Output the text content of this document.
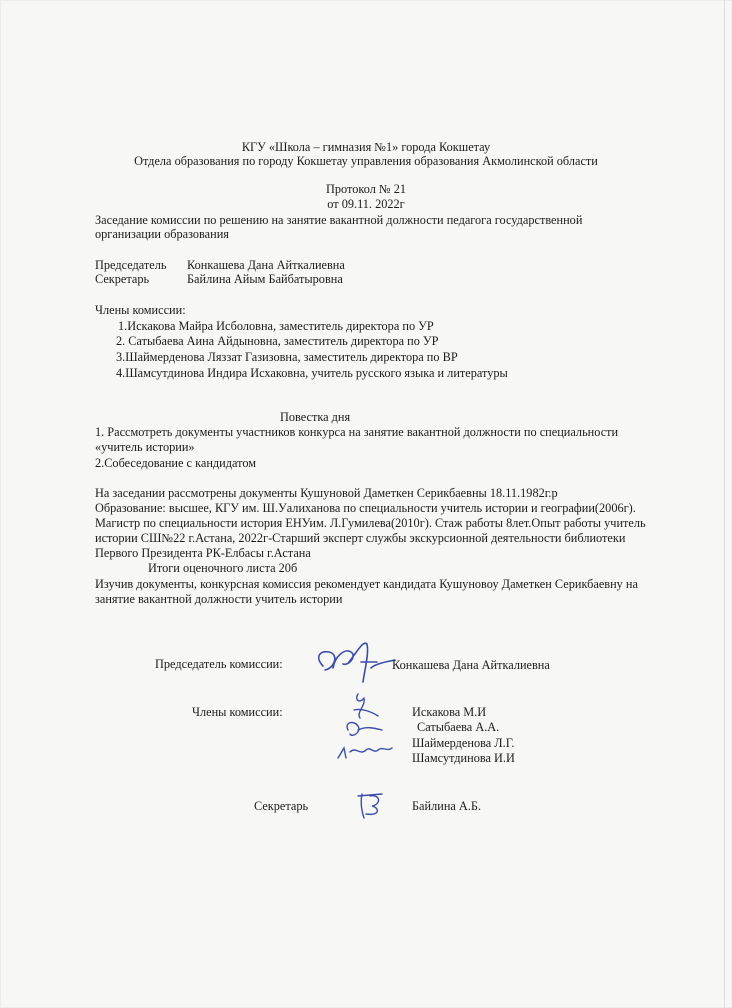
КГУ «Школа – гимназия №1» города Кокшетау
Отдела образования по городу Кокшетау управления образования Акмолинской области
Протокол № 21
от 09.11. 2022г
Заседание комиссии по решению на занятие вакантной должности педагога государственной
организации образования
Председатель Конкашева Дана Айткалиевна
Секретарь	Байлина Айым Байбатыровна
Члены комиссии:
1.Искакова Майра Исболовна, заместитель директора по УР
2. Сатыбаева Аина Айдыновна, заместитель директора по УР
3.Шаймерденова Ляззат Газизовна, заместитель директора по ВР
4.Шамсутдинова Индира Исхаковна, учитель русского языка и литературы
Повестка дня
1. Рассмотреть документы участников конкурса на занятие вакантной должности по специальности
«учитель истории»
2.Собеседование с кандидатом
На заседании рассмотрены документы Кушуновой Даметкен Серикбаевны 18.11.1982г.р
Образование: высшее, КГУ им. Ш.Уалиханова по специальности учитель истории и географии(2006г).
Магистр по специальности история ЕНУим. Л.Гумилева(2010г). Стаж работы 8лет.Опыт работы учитель
истории СШ№22 г.Астана, 2022г-Старший эксперт службы экскурсионной деятельности библиотеки
Первого Президента РК-Елбасы г.Астана
Итоги оценочного листа 20б
Изучив документы, конкурсная комиссия рекомендует кандидата Кушуновоу Даметкен Серикбаевну на
занятие вакантной должности учитель истории
Председатель комиссии:	Конкашева Дана Айткалиевна
Члены комиссии:	Искакова М.И
Сатыбаева А.А.
Шаймерденова Л.Г.
Шамсутдинова И.И
Секретарь	Байлина А.Б.
